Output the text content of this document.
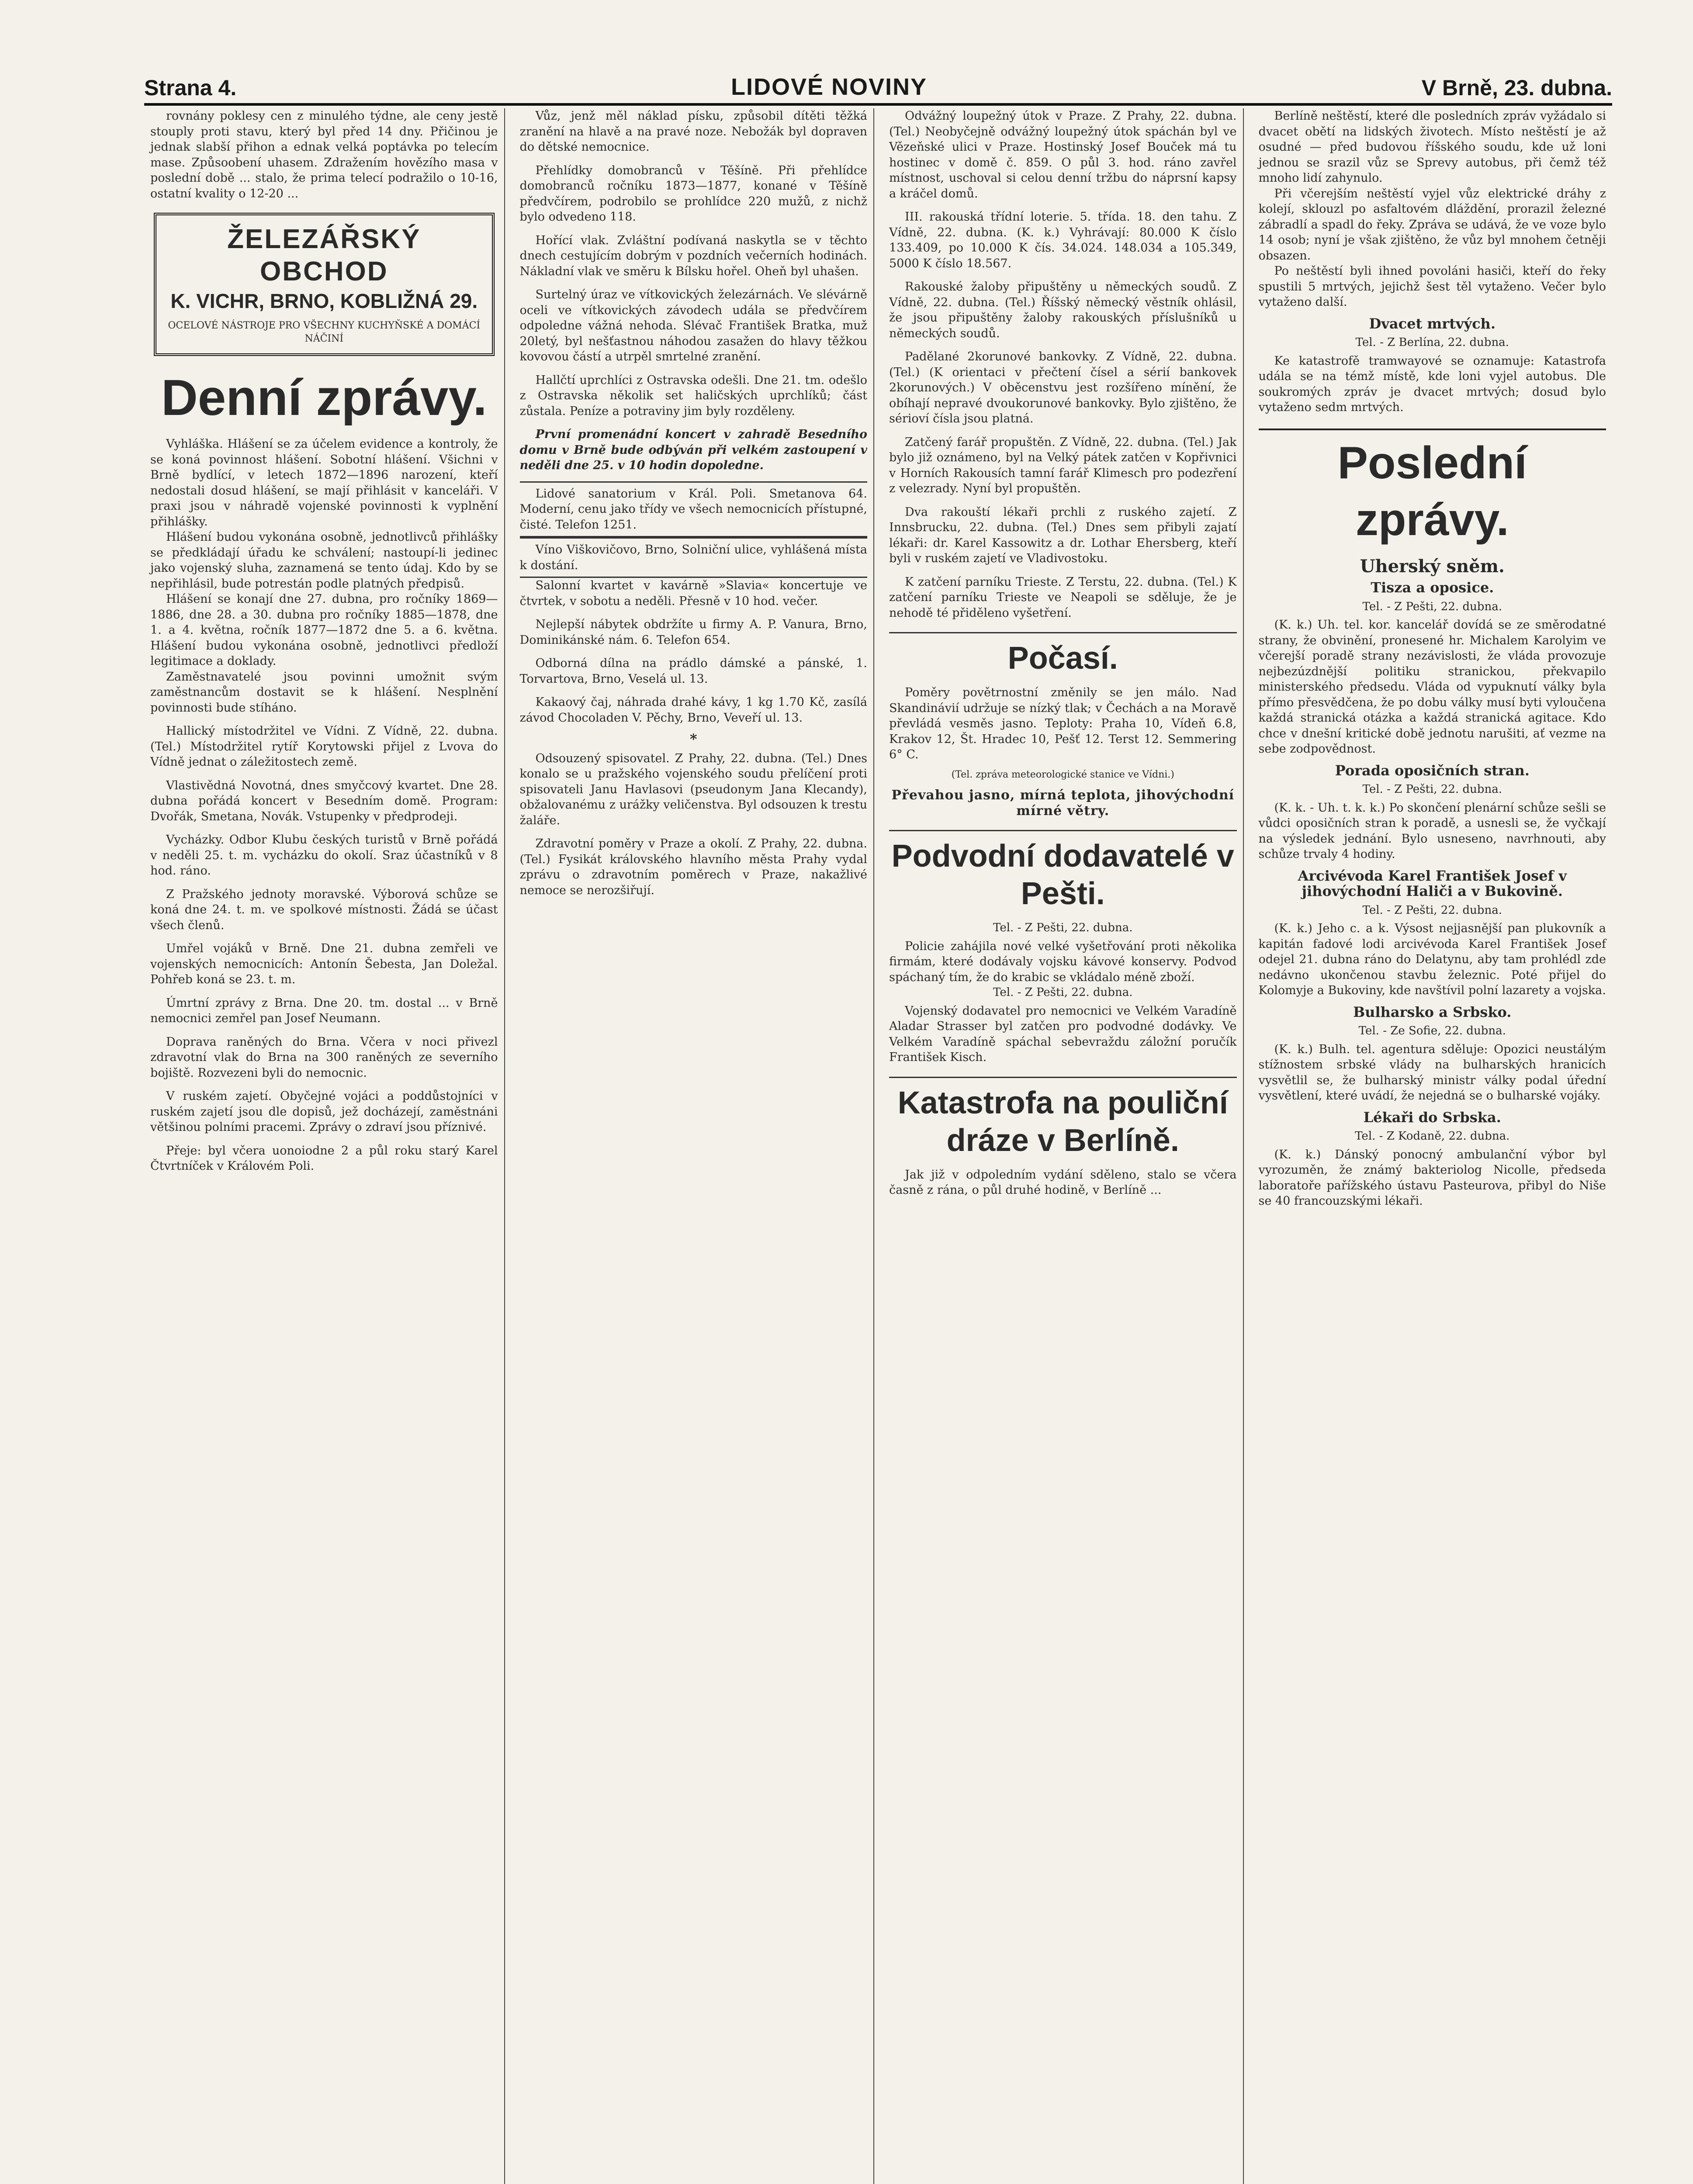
Strana 4.	LIDOVÉ NOVINY	V Brně, 23. dubna.

rovnány poklesy cen z minulého týdne, ale ceny jestě stouply proti stavu, který byl před 14 dny. Přičinou je jednak slabší přihon a ednak velká poptávka po telecím mase. Způsoobení uhasem. Zdražením hovězího masa v poslední době ... stalo, že prima telecí podražilo o 10-16, ostatní kvality o 12-20 ...

ŽELEZÁŘSKÝ OBCHOD
K. VICHR, BRNO, KOBLIŽNÁ 29.
OCELOVÉ NÁSTROJE PRO VŠECHNY KUCHYŇSKÉ A DOMÁCÍ NÁČINÍ
Denní zprávy.

Vyhláška. Hlášení se za účelem evidence a kontroly, že se koná povinnost hlášení. Sobotní hlášení. Všichni v Brně bydlící, v letech 1872—1896 narození, kteří nedostali dosud hlášení, se mají přihlásit v kanceláři. V praxi jsou v náhradě vojenské povinnosti k vyplnění přihlášky.

Hlášení budou vykonána osobně, jednotlivců přihlášky se předkládají úřadu ke schválení; nastoupí-li jedinec jako vojenský sluha, zaznamená se tento údaj. Kdo by se nepřihlásil, bude potrestán podle platných předpisů.

Hlášení se konají dne 27. dubna, pro ročníky 1869—1886, dne 28. a 30. dubna pro ročníky 1885—1878, dne 1. a 4. května, ročník 1877—1872 dne 5. a 6. května. Hlášení budou vykonána osobně, jednotlivci předloží legitimace a doklady.

Zaměstnavatelé jsou povinni umožnit svým zaměstnancům dostavit se k hlášení. Nesplnění povinnosti bude stíháno.

Hallický místodržitel ve Vídni. Z Vídně, 22. dubna. (Tel.) Místodržitel rytíř Korytowski přijel z Lvova do Vídně jednat o záležitostech země.

Vlastivědná Novotná, dnes smyčcový kvartet. Dne 28. dubna pořádá koncert v Besedním domě. Program: Dvořák, Smetana, Novák. Vstupenky v předprodeji.

Vycházky. Odbor Klubu českých turistů v Brně pořádá v neděli 25. t. m. vycházku do okolí. Sraz účastníků v 8 hod. ráno.

Z Pražského jednoty moravské. Výborová schůze se koná dne 24. t. m. ve spolkové místnosti. Žádá se účast všech členů.

Umřel vojáků v Brně. Dne 21. dubna zemřeli ve vojenských nemocnicích: Antonín Šebesta, Jan Doležal. Pohřeb koná se 23. t. m.

Úmrtní zprávy z Brna. Dne 20. tm. dostal ... v Brně nemocnici zemřel pan Josef Neumann.

Doprava raněných do Brna. Včera v noci přivezl zdravotní vlak do Brna na 300 raněných ze severního bojiště. Rozvezeni byli do nemocnic.

V ruském zajetí. Obyčejné vojáci a poddůstojníci v ruském zajetí jsou dle dopisů, jež docházejí, zaměstnáni většinou polními pracemi. Zprávy o zdraví jsou příznivé.

Přeje: byl včera uonoiodne 2 a půl roku starý Karel Čtvrtníček v Královém Poli.

Vůz, jenž měl náklad písku, způsobil dítěti těžká zranění na hlavě a na pravé noze. Nebožák byl dopraven do dětské nemocnice.

Přehlídky domobranců v Těšíně. Při přehlídce domobranců ročníku 1873—1877, konané v Těšíně předvčírem, podrobilo se prohlídce 220 mužů, z nichž bylo odvedeno 118.

Hořící vlak. Zvláštní podívaná naskytla se v těchto dnech cestujícím dobrým v pozdních večerních hodinách. Nákladní vlak ve směru k Bílsku hořel. Oheň byl uhašen.

Surtelný úraz ve vítkovických železárnách. Ve slévárně oceli ve vítkovických závodech udála se předvčírem odpoledne vážná nehoda. Slévač František Bratka, muž 20letý, byl nešťastnou náhodou zasažen do hlavy těžkou kovovou částí a utrpěl smrtelné zranění.

Hallčtí uprchlíci z Ostravska odešli. Dne 21. tm. odešlo z Ostravska několik set haličských uprchlíků; část zůstala. Peníze a potraviny jim byly rozděleny.

První promenádní koncert v zahradě Besedního domu v Brně bude odbýván při velkém zastoupení v neděli dne 25. v 10 hodin dopoledne.

Lidové sanatorium v Král. Poli. Smetanova 64. Moderní, cenu jako třídy ve všech nemocnicích přístupné, čisté. Telefon 1251.

Víno Viškovičovo, Brno, Solniční ulice, vyhlášená místa k dostání.

Salonní kvartet v kavárně »Slavia« koncertuje ve čtvrtek, v sobotu a neděli. Přesně v 10 hod. večer.

Nejlepší nábytek obdržíte u firmy A. P. Vanura, Brno, Dominikánské nám. 6. Telefon 654.

Odborná dílna na prádlo dámské a pánské, 1. Torvartova, Brno, Veselá ul. 13.

Kakaový čaj, náhrada drahé kávy, 1 kg 1.70 Kč, zasílá závod Chocoladen V. Pěchy, Brno, Veveří ul. 13.

*

Odsouzený spisovatel. Z Prahy, 22. dubna. (Tel.) Dnes konalo se u pražského vojenského soudu přelíčení proti spisovateli Janu Havlasovi (pseudonym Jana Klecandy), obžalovanému z urážky veličenstva. Byl odsouzen k trestu žaláře.

Zdravotní poměry v Praze a okolí. Z Prahy, 22. dubna. (Tel.) Fysikát královského hlavního města Prahy vydal zprávu o zdravotním poměrech v Praze, nakažlivé nemoce se nerozšiřují.

Odvážný loupežný útok v Praze. Z Prahy, 22. dubna. (Tel.) Neobyčejně odvážný loupežný útok spáchán byl ve Vězeňské ulici v Praze. Hostinský Josef Bouček má tu hostinec v domě č. 859. O půl 3. hod. ráno zavřel místnost, uschoval si celou denní tržbu do náprsní kapsy a kráčel domů.

III. rakouská třídní loterie. 5. třída. 18. den tahu. Z Vídně, 22. dubna. (K. k.) Vyhrávají: 80.000 K číslo 133.409, po 10.000 K čís. 34.024. 148.034 a 105.349, 5000 K číslo 18.567.

Rakouské žaloby připuštěny u německých soudů. Z Vídně, 22. dubna. (Tel.) Říšský německý věstník ohlásil, že jsou připuštěny žaloby rakouských příslušníků u německých soudů.

Padělané 2korunové bankovky. Z Vídně, 22. dubna. (Tel.) (K orientaci v přečtení čísel a sérií bankovek 2korunových.) V oběcenstvu jest rozšířeno mínění, že obíhají nepravé dvoukorunové bankovky. Bylo zjištěno, že sérioví čísla jsou platná.

Zatčený farář propuštěn. Z Vídně, 22. dubna. (Tel.) Jak bylo již oznámeno, byl na Velký pátek zatčen v Kopřivnici v Horních Rakousích tamní farář Klimesch pro podezření z velezrady. Nyní byl propuštěn.

Dva rakouští lékaři prchli z ruského zajetí. Z Innsbrucku, 22. dubna. (Tel.) Dnes sem přibyli zajatí lékaři: dr. Karel Kassowitz a dr. Lothar Ehersberg, kteří byli v ruském zajetí ve Vladivostoku.

K zatčení parníku Trieste. Z Terstu, 22. dubna. (Tel.) K zatčení parníku Trieste ve Neapoli se sděluje, že je nehodě té přiděleno vyšetření.

Počasí.

Poměry povětrnostní změnily se jen málo. Nad Skandinávií udržuje se nízký tlak; v Čechách a na Moravě převládá vesměs jasno. Teploty: Praha 10, Vídeň 6.8, Krakov 12, Št. Hradec 10, Pešť 12. Terst 12. Semmering 6° C.

(Tel. zpráva meteorologické stanice ve Vídni.)
Převahou jasno, mírná teplota, jihovýchodní mírné větry.
Podvodní dodavatelé v Pešti.
Tel. - Z Pešti, 22. dubna.

Policie zahájila nové velké vyšetřování proti několika firmám, které dodávaly vojsku kávové konservy. Podvod spáchaný tím, že do krabic se vkládalo méně zboží.

Tel. - Z Pešti, 22. dubna.

Vojenský dodavatel pro nemocnici ve Velkém Varadíně Aladar Strasser byl zatčen pro podvodné dodávky. Ve Velkém Varadíně spáchal sebevraždu záložní poručík František Kisch.

Katastrofa na pouliční dráze v Berlíně.

Jak již v odpoledním vydání sděleno, stalo se včera časně z rána, o půl druhé hodině, v Berlíně ...

Berlíně neštěstí, které dle posledních zpráv vyžádalo si dvacet obětí na lidských životech. Místo neštěstí je až osudné — před budovou říšského soudu, kde už loni jednou se srazil vůz se Sprevy autobus, při čemž též mnoho lidí zahynulo.

Při včerejším neštěstí vyjel vůz elektrické dráhy z kolejí, sklouzl po asfaltovém dláždění, prorazil železné zábradlí a spadl do řeky. Zpráva se udává, že ve voze bylo 14 osob; nyní je však zjištěno, že vůz byl mnohem četněji obsazen.

Po neštěstí byli ihned povoláni hasiči, kteří do řeky spustili 5 mrtvých, jejichž šest těl vytaženo. Večer bylo vytaženo další.

Dvacet mrtvých.
Tel. - Z Berlína, 22. dubna.

Ke katastrofě tramwayové se oznamuje: Katastrofa udála se na témž místě, kde loni vyjel autobus. Dle soukromých zpráv je dvacet mrtvých; dosud bylo vytaženo sedm mrtvých.

Poslední zprávy.
Uherský sněm.
Tisza a oposice.
Tel. - Z Pešti, 22. dubna.

(K. k.) Uh. tel. kor. kancelář dovídá se ze směrodatné strany, že obvinění, pronesené hr. Michalem Karolyim ve včerejší poradě strany nezávislosti, že vláda provozuje nejbezúzdnější politiku stranickou, překvapilo ministerského předsedu. Vláda od vypuknutí války byla přímo přesvědčena, že po dobu války musí byti vyloučena každá stranická otázka a každá stranická agitace. Kdo chce v dnešní kritické době jednotu narušiti, ať vezme na sebe zodpovědnost.

Porada oposičních stran.
Tel. - Z Pešti, 22. dubna.

(K. k. - Uh. t. k. k.) Po skončení plenární schůze sešli se vůdci oposičních stran k poradě, a usnesli se, že vyčkají na výsledek jednání. Bylo usneseno, navrhnouti, aby schůze trvaly 4 hodiny.

Arcivévoda Karel František Josef v jihovýchodní Haliči a v Bukovině.
Tel. - Z Pešti, 22. dubna.

(K. k.) Jeho c. a k. Výsost nejjasnější pan plukovník a kapitán fadové lodi arcivévoda Karel František Josef odejel 21. dubna ráno do Delatynu, aby tam prohlédl zde nedávno ukončenou stavbu železnic. Poté přijel do Kolomyje a Bukoviny, kde navštívil polní lazarety a vojska.

Bulharsko a Srbsko.
Tel. - Ze Sofie, 22. dubna.

(K. k.) Bulh. tel. agentura sděluje: Opozici neustálým stížnostem srbské vlády na bulharských hranicích vysvětlil se, že bulharský ministr války podal úřední vysvětlení, které uvádí, že nejedná se o bulharské vojáky.

Lékaři do Srbska.
Tel. - Z Kodaně, 22. dubna.

(K. k.) Dánský ponocný ambulanční výbor byl vyrozuměn, že známý bakteriolog Nicolle, předseda laboratoře pařížského ústavu Pasteurova, přibyl do Niše se 40 francouzskými lékaři.
